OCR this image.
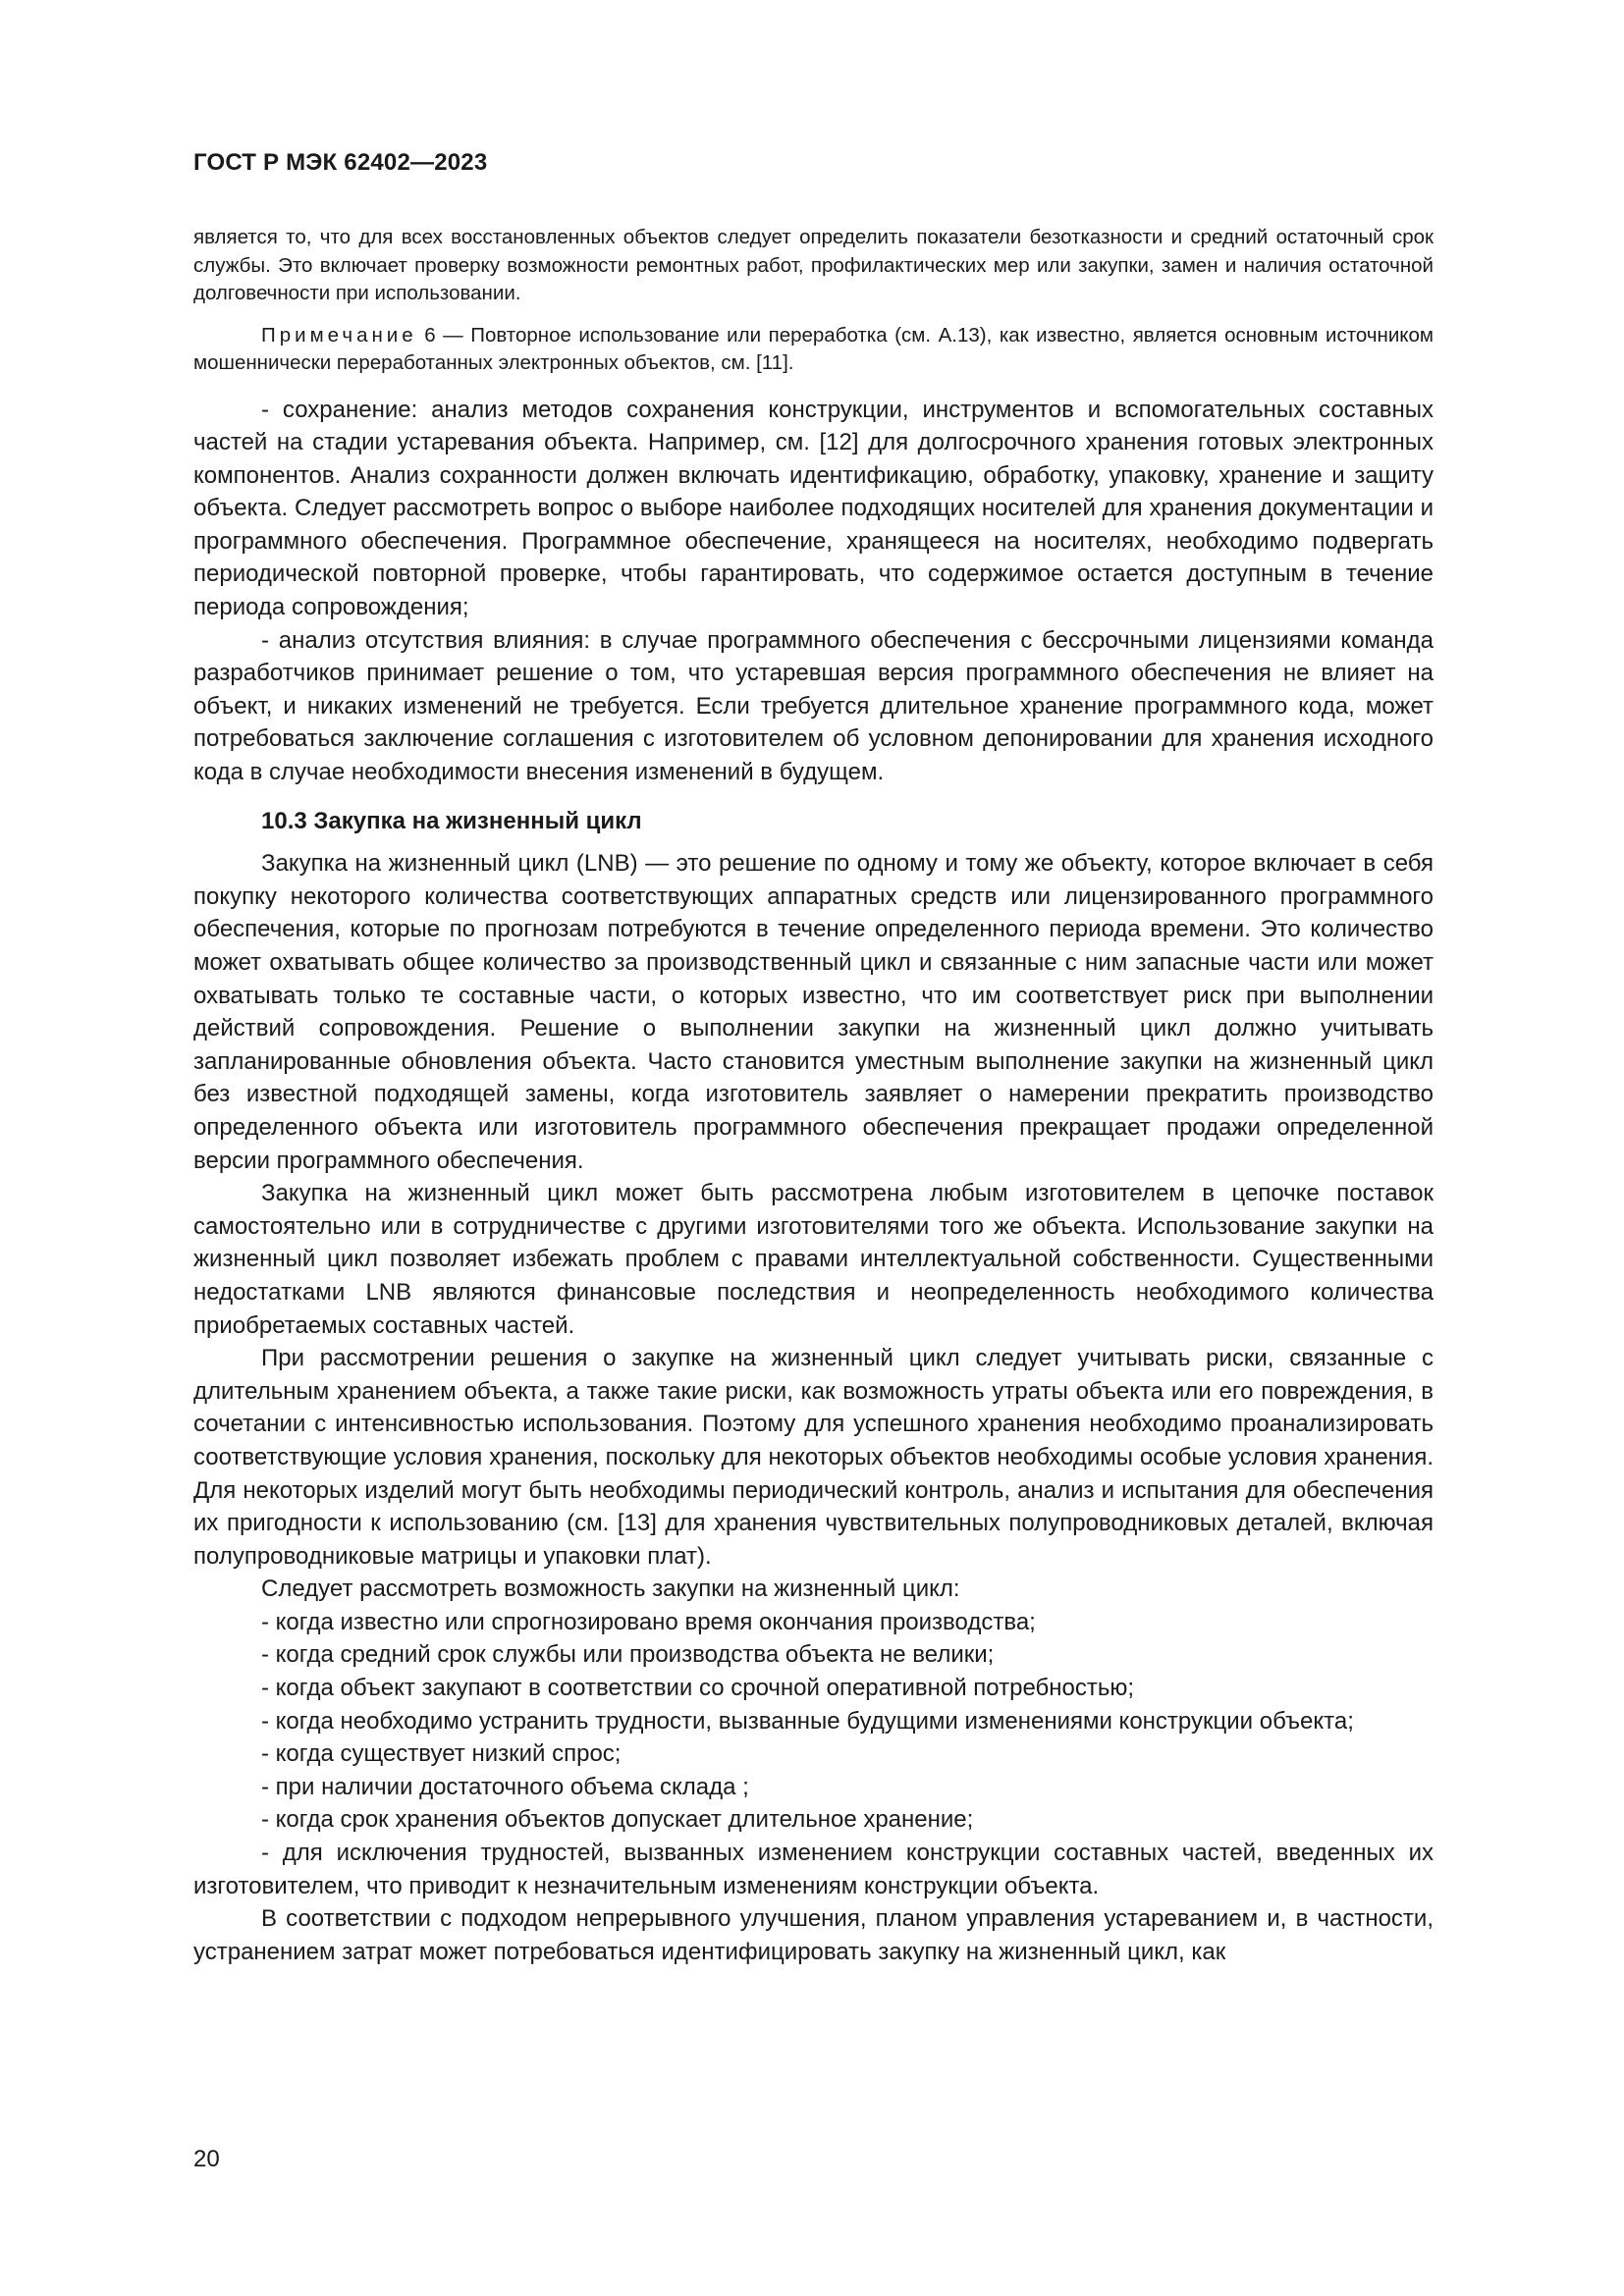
ГОСТ Р МЭК 62402—2023

является то, что для всех восстановленных объектов следует определить показатели безотказности и средний остаточный срок службы. Это включает проверку возможности ремонтных работ, профилактических мер или закупки, замен и наличия остаточной долговечности при использовании.

Примечание 6 — Повторное использование или переработка (см. А.13), как известно, является основным источником мошеннически переработанных электронных объектов, см. [11].

- сохранение: анализ методов сохранения конструкции, инструментов и вспомогательных составных частей на стадии устаревания объекта. Например, см. [12] для долгосрочного хранения готовых электронных компонентов. Анализ сохранности должен включать идентификацию, обработку, упаковку, хранение и защиту объекта. Следует рассмотреть вопрос о выборе наиболее подходящих носителей для хранения документации и программного обеспечения. Программное обеспечение, хранящееся на носителях, необходимо подвергать периодической повторной проверке, чтобы гарантировать, что содержимое остается доступным в течение периода сопровождения;

- анализ отсутствия влияния: в случае программного обеспечения с бессрочными лицензиями команда разработчиков принимает решение о том, что устаревшая версия программного обеспечения не влияет на объект, и никаких изменений не требуется. Если требуется длительное хранение программного кода, может потребоваться заключение соглашения с изготовителем об условном депонировании для хранения исходного кода в случае необходимости внесения изменений в будущем.

10.3 Закупка на жизненный цикл

Закупка на жизненный цикл (LNB) — это решение по одному и тому же объекту, которое включает в себя покупку некоторого количества соответствующих аппаратных средств или лицензированного программного обеспечения, которые по прогнозам потребуются в течение определенного периода времени. Это количество может охватывать общее количество за производственный цикл и связанные с ним запасные части или может охватывать только те составные части, о которых известно, что им соответствует риск при выполнении действий сопровождения. Решение о выполнении закупки на жизненный цикл должно учитывать запланированные обновления объекта. Часто становится уместным выполнение закупки на жизненный цикл без известной подходящей замены, когда изготовитель заявляет о намерении прекратить производство определенного объекта или изготовитель программного обеспечения прекращает продажи определенной версии программного обеспечения.

Закупка на жизненный цикл может быть рассмотрена любым изготовителем в цепочке поставок самостоятельно или в сотрудничестве с другими изготовителями того же объекта. Использование закупки на жизненный цикл позволяет избежать проблем с правами интеллектуальной собственности. Существенными недостатками LNB являются финансовые последствия и неопределенность необходимого количества приобретаемых составных частей.

При рассмотрении решения о закупке на жизненный цикл следует учитывать риски, связанные с длительным хранением объекта, а также такие риски, как возможность утраты объекта или его повреждения, в сочетании с интенсивностью использования. Поэтому для успешного хранения необходимо проанализировать соответствующие условия хранения, поскольку для некоторых объектов необходимы особые условия хранения. Для некоторых изделий могут быть необходимы периодический контроль, анализ и испытания для обеспечения их пригодности к использованию (см. [13] для хранения чувствительных полупроводниковых деталей, включая полупроводниковые матрицы и упаковки плат).

Следует рассмотреть возможность закупки на жизненный цикл:

- когда известно или спрогнозировано время окончания производства;

- когда средний срок службы или производства объекта не велики;

- когда объект закупают в соответствии со срочной оперативной потребностью;

- когда необходимо устранить трудности, вызванные будущими изменениями конструкции объекта;

- когда существует низкий спрос;

- при наличии достаточного объема склада ;

- когда срок хранения объектов допускает длительное хранение;

- для исключения трудностей, вызванных изменением конструкции составных частей, введенных их изготовителем, что приводит к незначительным изменениям конструкции объекта.

В соответствии с подходом непрерывного улучшения, планом управления устареванием и, в частности, устранением затрат может потребоваться идентифицировать закупку на жизненный цикл, как

20
